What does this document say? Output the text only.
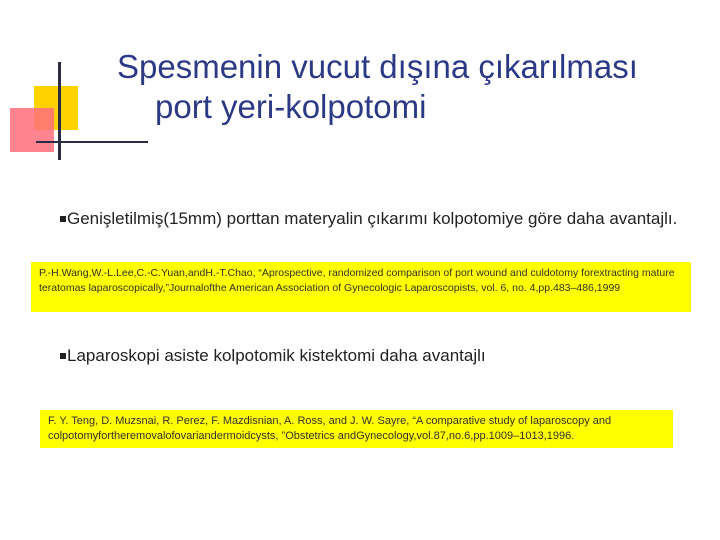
Spesmenin vucut dışına çıkarılması
port yeri-kolpotomi
Genişletilmiş(15mm) porttan materyalin çıkarımı kolpotomiye göre daha avantajlı.
P.-H.Wang,W.-L.Lee,C.-C.Yuan,andH.-T.Chao, “Aprospective, randomized comparison of port wound and culdotomy forextracting mature teratomas laparoscopically,”Journalofthe American Association of Gynecologic Laparoscopists, vol. 6, no. 4,pp.483–486,1999
Laparoskopi asiste kolpotomik kistektomi daha avantajlı
F. Y. Teng, D. Muzsnai, R. Perez, F. Mazdisnian, A. Ross, and J. W. Sayre, “A comparative study of laparoscopy and colpotomyfortheremovalofovariandermoidcysts, ”Obstetrics andGynecology,vol.87,no.6,pp.1009–1013,1996.
